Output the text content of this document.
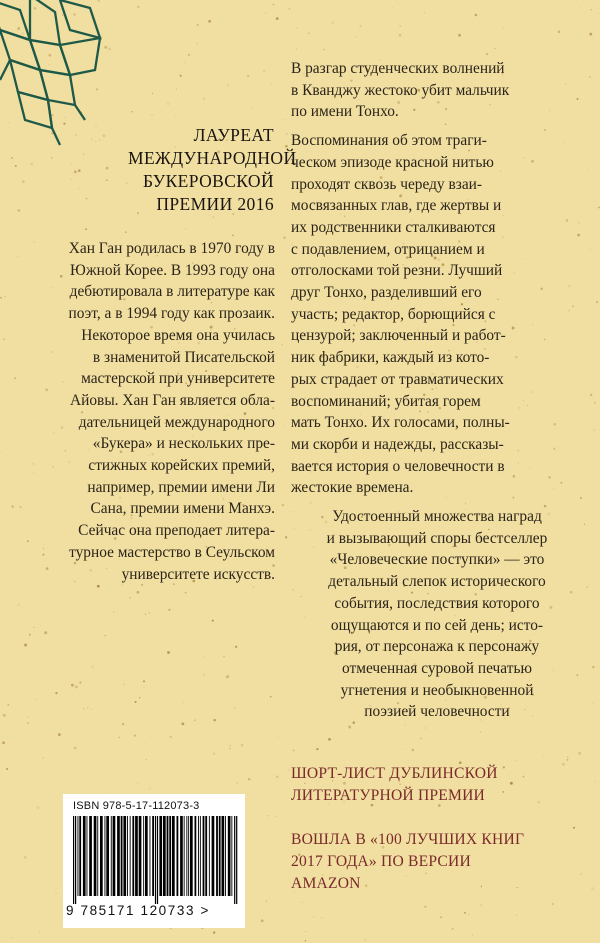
ЛАУРЕАТ
МЕЖДУНАРОДНОЙ
БУКЕРОВСКОЙ
ПРЕМИИ 2016
Хан Ган родилась в 1970 году в
Южной Корее. В 1993 году она
дебютировала в литературе как
поэт, а в 1994 году как прозаик.
Некоторое время она училась
в знаменитой Писательской
мастерской при университете
Айовы. Хан Ган является обла-
дательницей международного
«Букера» и нескольких пре-
стижных корейских премий,
например, премии имени Ли
Сана, премии имени Манхэ.
Сейчас она преподает литера-
турное мастерство в Сеульском
университете искусств.
В разгар студенческих волнений
в Кванджу жестоко убит мальчик
по имени Тонхо.
Воспоминания об этом траги-
ческом эпизоде красной нитью
проходят сквозь череду взаи-
мосвязанных глав, где жертвы и
их родственники сталкиваются
с подавлением, отрицанием и
отголосками той резни. Лучший
друг Тонхо, разделивший его
участь; редактор, борющийся с
цензурой; заключенный и работ-
ник фабрики, каждый из кото-
рых страдает от травматических
воспоминаний; убитая горем
мать Тонхо. Их голосами, полны-
ми скорби и надежды, рассказы-
вается история о человечности в
жестокие времена.
Удостоенный множества наград
и вызывающий споры бестселлер
«Человеческие поступки» — это
детальный слепок исторического
события, последствия которого
ощущаются и по сей день; исто-
рия, от персонажа к персонажу
отмеченная суровой печатью
угнетения и необыкновенной
поэзией человечности
ШОРТ-ЛИСТ ДУБЛИНСКОЙ
ЛИТЕРАТУРНОЙ ПРЕМИИ
ВОШЛА В «100 ЛУЧШИХ КНИГ
2017 ГОДА» ПО ВЕРСИИ
AMAZON
ISBN 978-5-17-112073-3
9 785171 120733 >
